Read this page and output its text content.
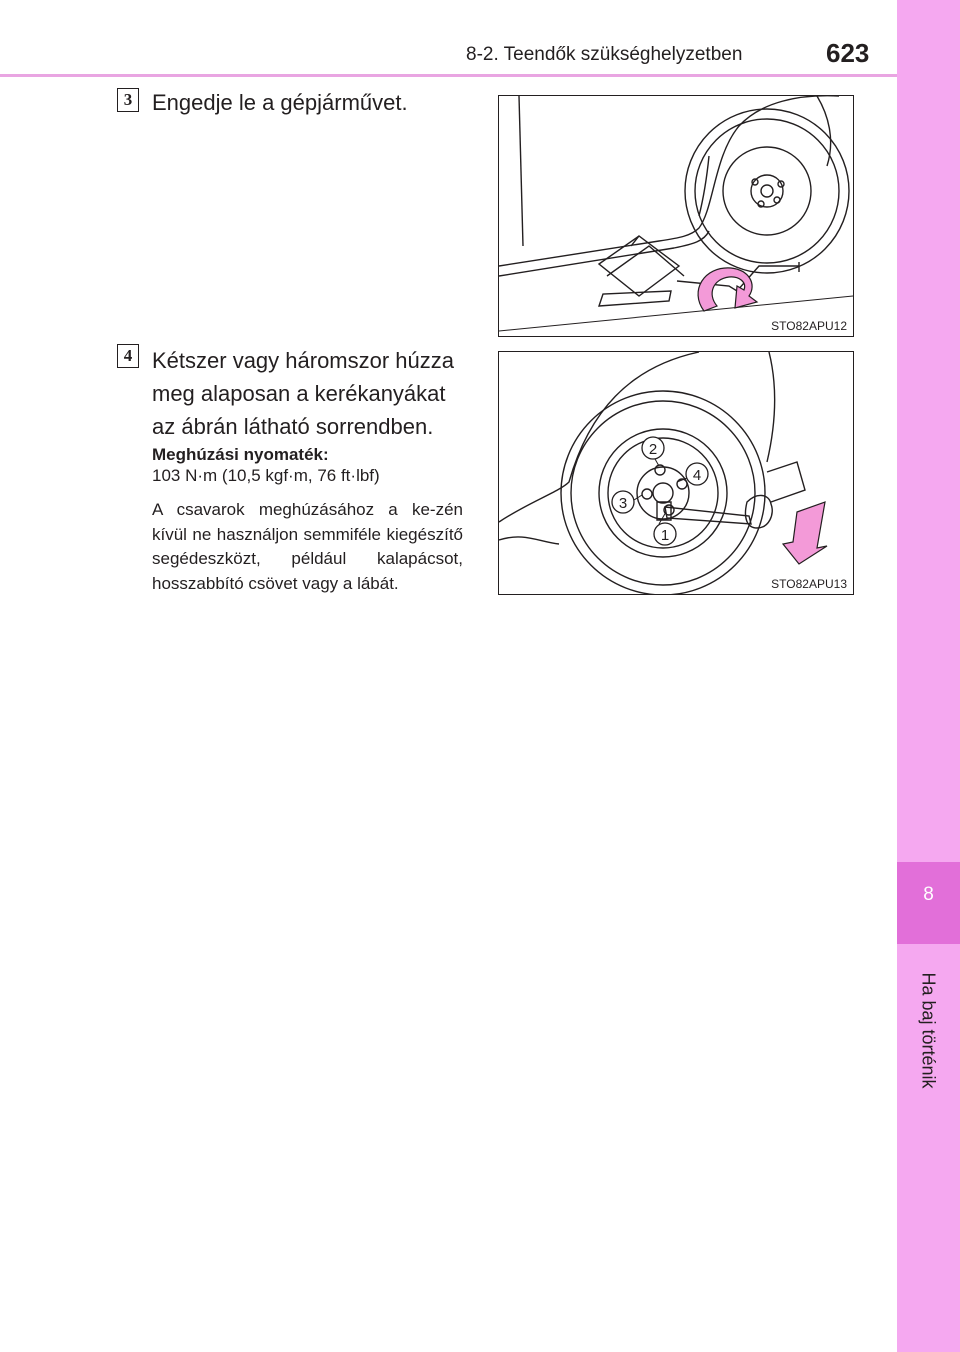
8-2. Teendők szükséghelyzetben	623
8
Ha baj történik
3 Engedje le a gépjárművet.
STO82APU12
4 Kétszer vagy háromszor húzza
meg alaposan a kerékanyákat
az ábrán látható sorrendben.
Meghúzási nyomaték:
103 N·m (10,5 kgf·m, 76 ft·lbf)
A csavarok meghúzásához a ke-zén kívül ne használjon semmiféle kiegészítő segédeszközt, például kalapácsot, hosszabbító csövet vagy a lábát.
1
2
3
4
STO82APU13
